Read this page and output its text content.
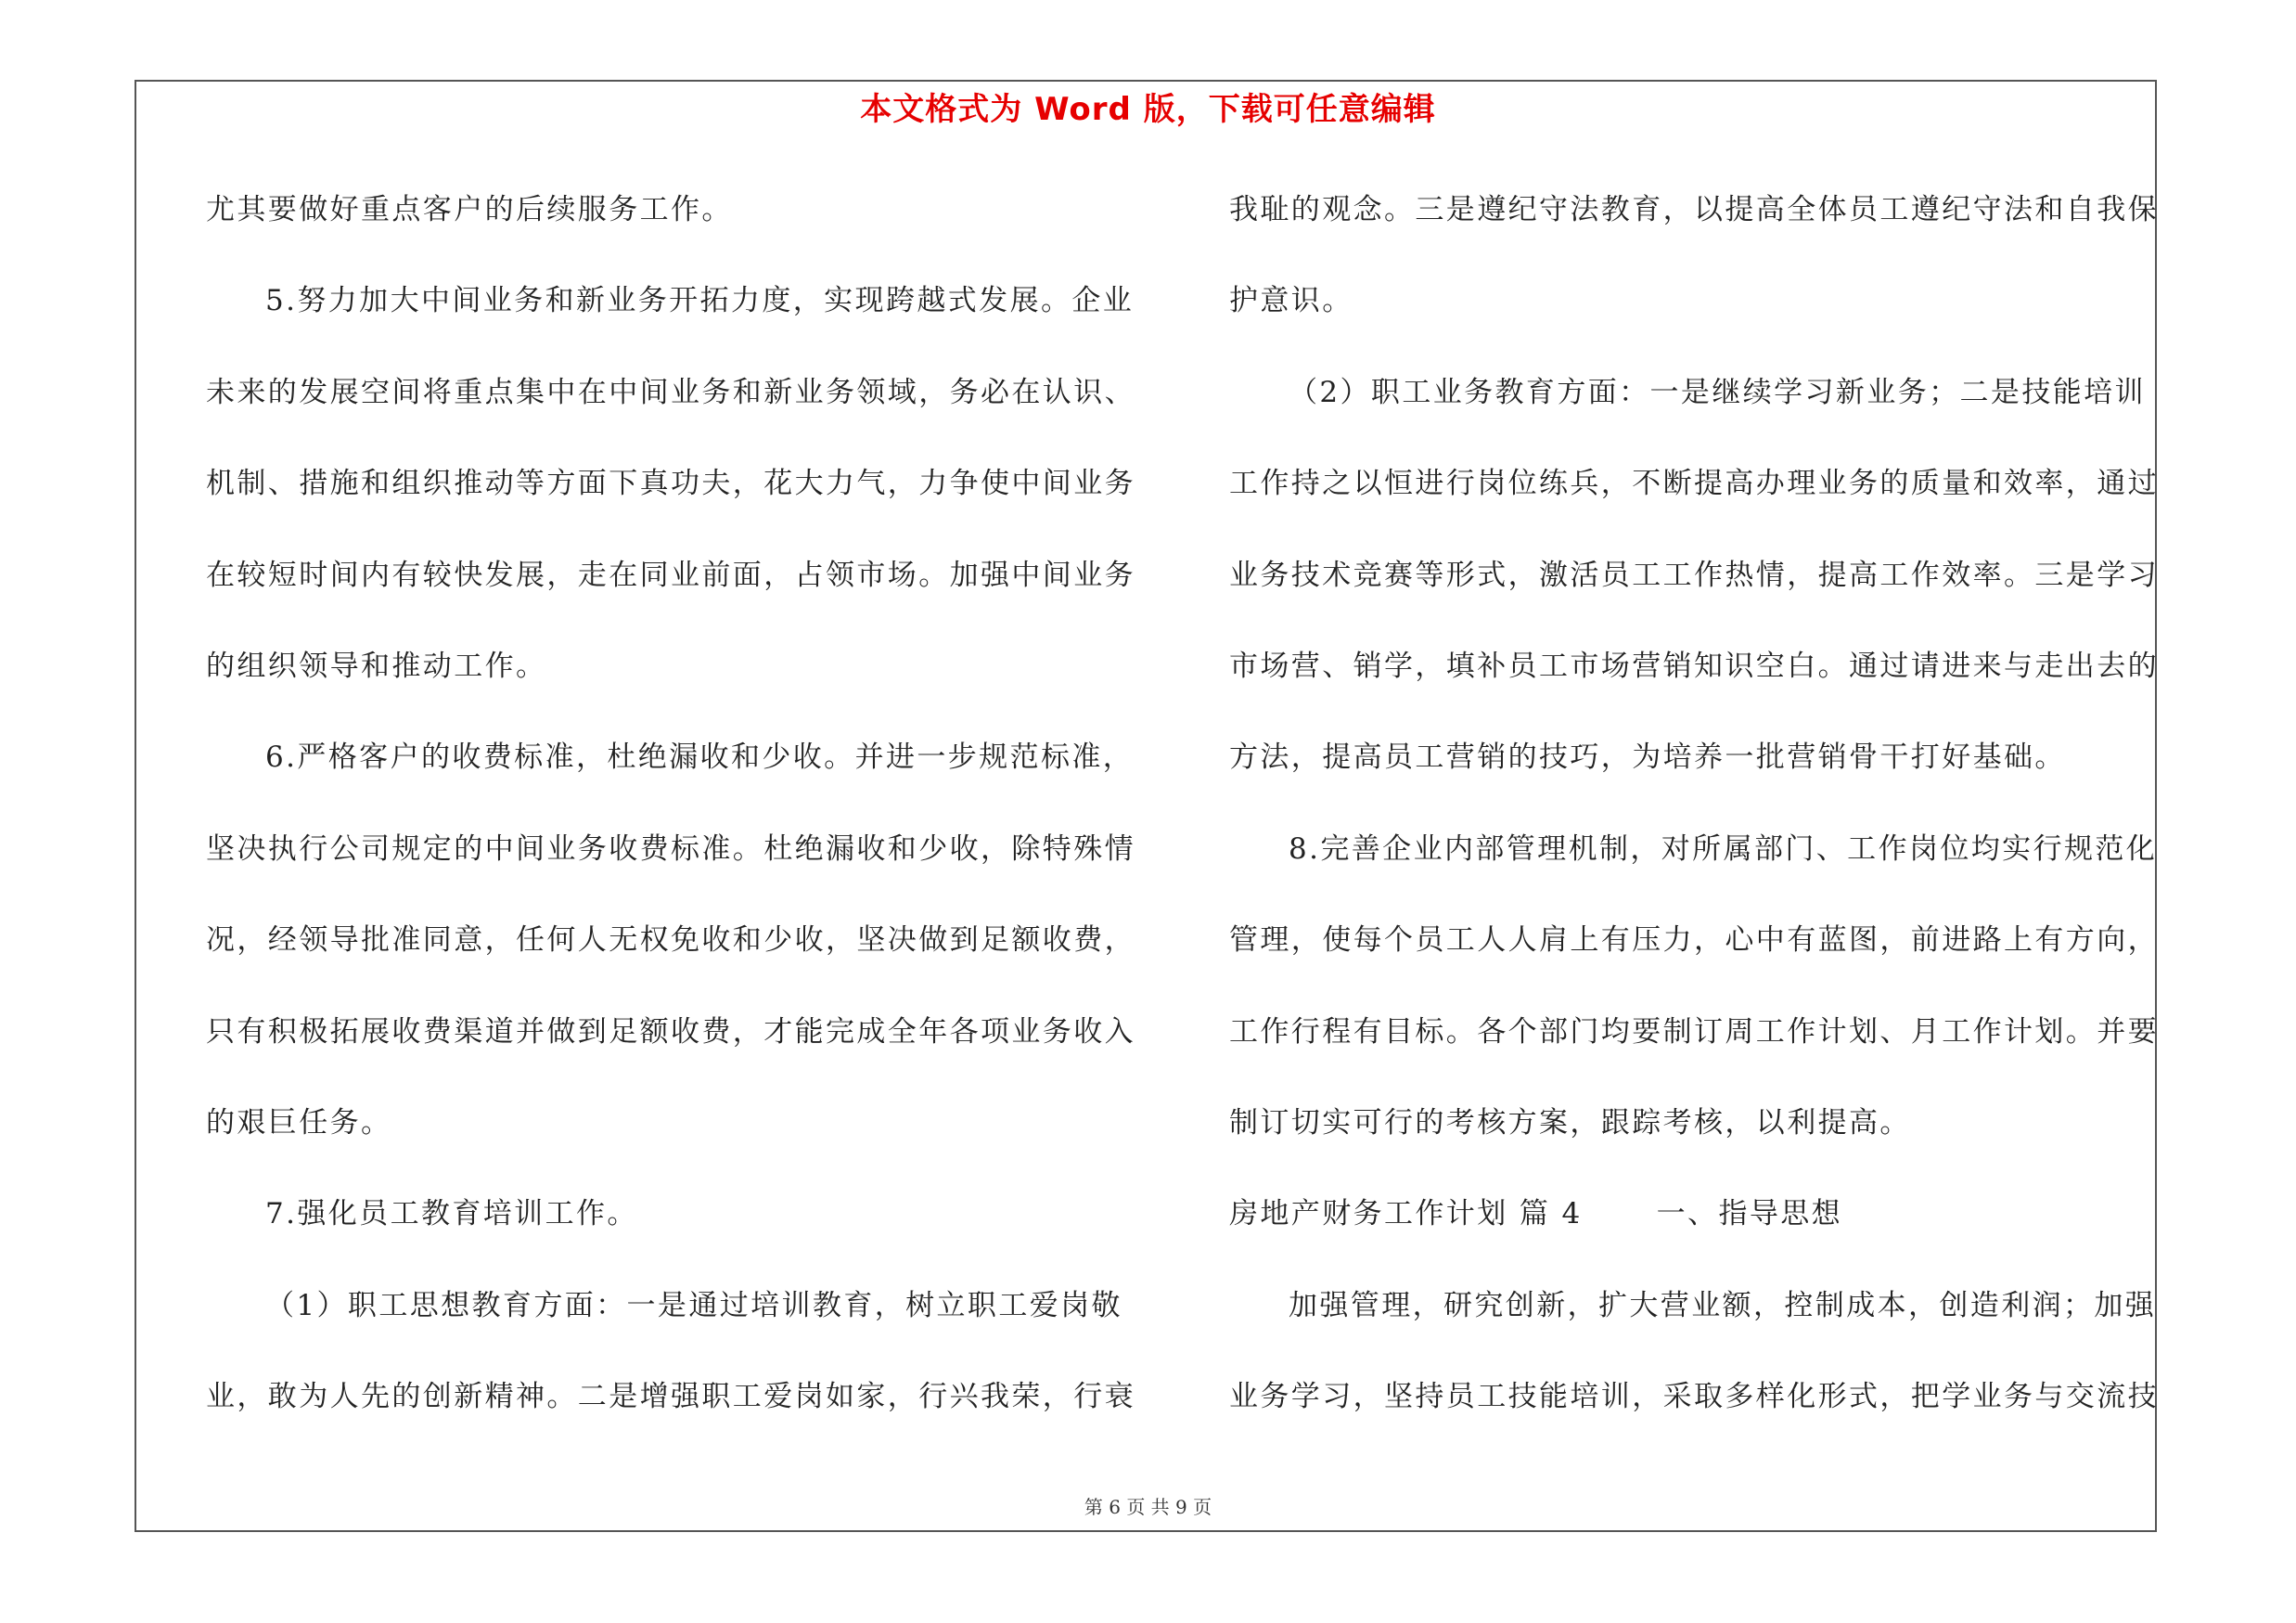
本文格式为 Word 版，下载可任意编辑
尤其要做好重点客户的后续服务工作。
5.努力加大中间业务和新业务开拓力度，实现跨越式发展。企业
未来的发展空间将重点集中在中间业务和新业务领域，务必在认识、
机制、措施和组织推动等方面下真功夫，花大力气，力争使中间业务
在较短时间内有较快发展，走在同业前面，占领市场。加强中间业务
的组织领导和推动工作。
6.严格客户的收费标准，杜绝漏收和少收。并进一步规范标准，
坚决执行公司规定的中间业务收费标准。杜绝漏收和少收，除特殊情
况，经领导批准同意，任何人无权免收和少收，坚决做到足额收费，
只有积极拓展收费渠道并做到足额收费，才能完成全年各项业务收入
的艰巨任务。
7.强化员工教育培训工作。
（1）职工思想教育方面：一是通过培训教育，树立职工爱岗敬
业，敢为人先的创新精神。二是增强职工爱岗如家，行兴我荣，行衰
我耻的观念。三是遵纪守法教育，以提高全体员工遵纪守法和自我保
护意识。
（2）职工业务教育方面：一是继续学习新业务；二是技能培训
工作持之以恒进行岗位练兵，不断提高办理业务的质量和效率，通过
业务技术竞赛等形式，激活员工工作热情，提高工作效率。三是学习
市场营、销学，填补员工市场营销知识空白。通过请进来与走出去的
方法，提高员工营销的技巧，为培养一批营销骨干打好基础。
8.完善企业内部管理机制，对所属部门、工作岗位均实行规范化
管理，使每个员工人人肩上有压力，心中有蓝图，前进路上有方向，
工作行程有目标。各个部门均要制订周工作计划、月工作计划。并要
制订切实可行的考核方案，跟踪考核，以利提高。
房地产财务工作计划 篇 4	一、指导思想
加强管理，研究创新，扩大营业额，控制成本，创造利润；加强
业务学习，坚持员工技能培训，采取多样化形式，把学业务与交流技
第 6 页 共 9 页
